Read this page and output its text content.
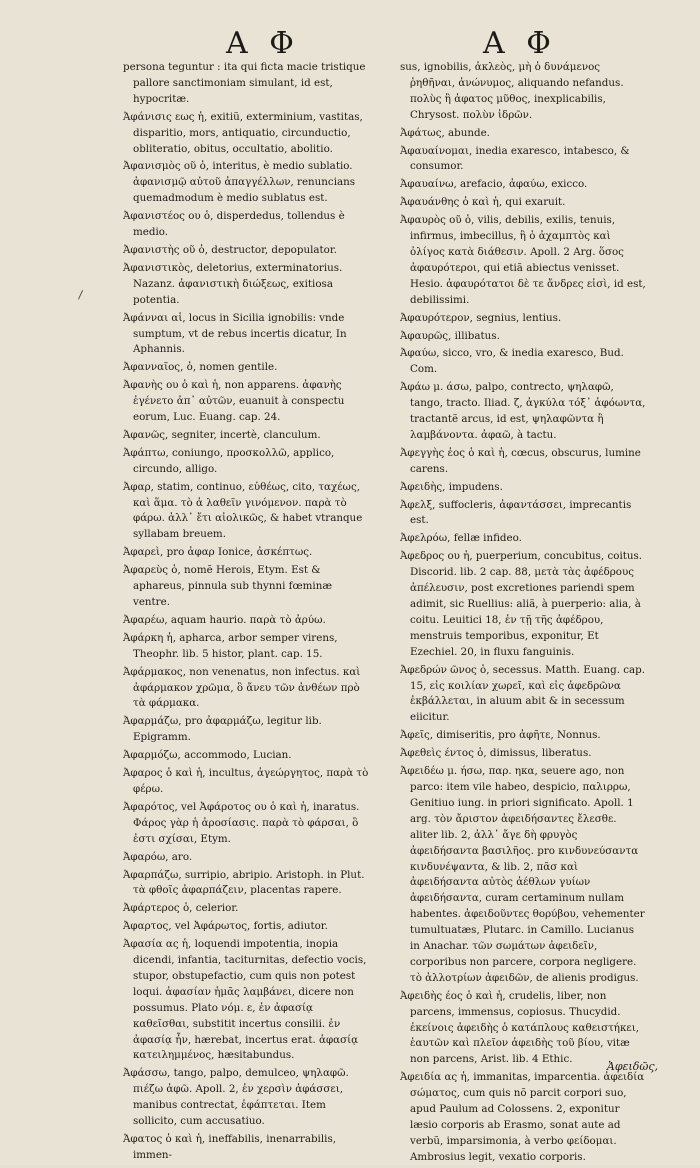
Α Φ	Α Φ

persona teguntur : ita qui ficta macie tristique pallore sanctimoniam simulant, id est, hypocritæ.

Ἀφάνισις εως ἡ, exitiũ, exterminium, vastitas, disparitio, mors, antiquatio, circunductio, obliteratio, obitus, occultatio, abolitio.

Ἀφανισμὸς οῦ ὁ, interitus, è medio sublatio. ἀφανισμῷ αὐτοῦ ἀπαγγέλλων, renuncians quemadmodum è medio sublatus est.

Ἀφανιστέος ου ὁ, disperdedus, tollendus è medio.

Ἀφανιστὴς οῦ ὁ, destructor, depopulator.

Ἀφανιστικὸς, deletorius, exterminatorius. Nazanz. ἀφανιστικὴ διώξεως, exitiosa potentia.

Ἀφάνναι αἱ, locus in Sicilia ignobilis: vnde sumptum, vt de rebus incertis dicatur, In Aphannis.

Ἀφανναῖος, ὁ, nomen gentile.

Ἀφανὴς ου ὁ καὶ ἡ, non apparens. ἀφανὴς ἐγένετο ἀπ᾽ αὐτῶν, euanuit à conspectu eorum, Luc. Euang. cap. 24.

Ἀφανῶς, segniter, incertè, clanculum.

Ἀφάπτω, coniungo, προσκολλῶ, applico, circundo, alligo.

Ἀφαρ, statim, continuo, εὐθέως, cito, ταχέως, καὶ ἅμα. τὸ ἀ λαθεῖν γινόμενον. παρὰ τὸ φάρω. ἀλλ᾽ ἔτι αἰολικῶς, & habet vtranque syllabam breuem.

Ἀφαρεὶ, pro ἀφαρ Ionice, ἀσκέπτως.

Ἀφαρεὺς ὁ, nomẽ Herois, Etym. Est & aphareus, pinnula sub thynni fœminæ ventre.

Ἀφαρέω, aquam haurio. παρὰ τὸ ἀρύω.

Ἀφάρκη ἡ, apharca, arbor semper virens, Theophr. lib. 5 histor, plant. cap. 15.

Ἀφάρμακος, non venenatus, non infectus. καὶ ἀφάρμακον χρῶμα, ὃ ἄνευ τῶν ἀνθέων πρὸ τὰ φάρμακα.

Ἀφαρμάζω, pro ἀφαρμάζω, legitur lib. Epigramm.

Ἀφαρμόζω, accommodo, Lucian.

Ἀφαρος ὁ καὶ ἡ, incultus, ἀγεώργητος, παρὰ τὸ φέρω.

Ἀφαρότος, vel Ἀφάροτος ου ὁ καὶ ἡ, inaratus. Φάρος γὰρ ἡ ἀροσίασις. παρὰ τὸ φάρσαι, ὃ ἐστι σχίσαι, Etym.

Ἀφαρόω, aro.

Ἀφαρπάζω, surripio, abripio. Aristoph. in Plut. τὰ φθοῖς ἀφαρπάζειν, placentas rapere.

Ἀφάρτερος ὁ, celerior.

Ἀφαρτος, vel Ἀφάρωτος, fortis, adiutor.

Ἀφασία ας ἡ, loquendi impotentia, inopia dicendi, infantia, taciturnitas, defectio vocis, stupor, obstupefactio, cum quis non potest loqui. ἀφασίαν ἡμᾶς λαμβάνει, dicere non possumus. Plato νόμ. ε, ἐν ἀφασίᾳ καθεῖσθαι, substitit incertus consilii. ἐν ἀφασίᾳ ἦν, hærebat, incertus erat. ἀφασίᾳ κατειλημμένος, hæsitabundus.

Ἀφάσσω, tango, palpo, demulceo, ψηλαφῶ. πιέζω ἀφῶ. Apoll. 2, ἐν χερσὶν ἀφάσσει, manibus contrectat, ἐφάπτεται. Item sollicito, cum accusatiuo.

Ἀφατος ὁ καὶ ἡ, ineffabilis, inenarrabilis, immen-

sus, ignobilis, ἀκλεὸς, μὴ ὁ δυνάμενος ῥηθῆναι, ἀνώνυμος, aliquando nefandus. πολὺς ἢ ἀφατος μῦθος, inexplicabilis, Chrysost. πολὺν ἰδρῶν.

Ἀφάτως, abunde.

Ἀφαυαίνομαι, inedia exaresco, intabesco, & consumor.

Ἀφαυαίνω, arefacio, ἀφαύω, exicco.

Ἀφαυάνθης ὁ καὶ ἡ, qui exaruit.

Ἀφαυρὸς οῦ ὁ, vilis, debilis, exilis, tenuis, infirmus, imbecillus, ἢ ὁ ἀχαμπτὸς καὶ ὀλίγος κατὰ διάθεσιν. Apoll. 2 Arg. ὅσος ἀφαυρότεροι, qui etiã abiectus venisset. Hesio. ἀφαυρότατοι δὲ τε ἄνδρες εἰσὶ, id est, debilissimi.

Ἀφαυρότερον, segnius, lentius.

Ἀφαυρῶς, illibatus.

Ἀφαύω, sicco, vro, & inedia exaresco, Bud. Com.

Ἀφάω μ. άσω, palpo, contrecto, ψηλαφῶ, tango, tracto. Iliad. ζ, ἀγκύλα τόξ᾽ ἀφόωντα, tractantẽ arcus, id est, ψηλαφῶντα ἢ λαμβάνοντα. ἀφαῶ, à tactu.

Ἀφεγγὴς ἐος ὁ καὶ ἡ, cœcus, obscurus, lumine carens.

Ἀφειδὴς, impudens.

Ἀφελξ, suffocleris, ἀφαντάσσει, imprecantis est.

Ἀφελρόω, fellæ infideo.

Ἀφεδρος ου ἡ, puerperium, concubitus, coitus. Discorid. lib. 2 cap. 88, μετὰ τὰς ἀφέδρους ἀπέλευσιν, post excretiones pariendi spem adimit, sic Ruellius: aliã, à puerperio: alia, à coitu. Leuitici 18, ἐν τῇ τῆς ἀφέδρου, menstruis temporibus, exponitur, Et Ezechiel. 20, in fluxu fanguinis.

Ἀφεδρών ῶνος ὁ, secessus. Matth. Euang. cap. 15, εἰς κοιλίαν χωρεῖ, καὶ εἰς ἀφεδρῶνα ἐκβάλλεται, in aluum abit & in secessum eiicitur.

Ἀφεῖς, dimiseritis, pro ἀφῆτε, Nonnus.

Ἀφεθεὶς έντος ὁ, dimissus, liberatus.

Ἀφειδέω μ. ήσω, παρ. ηκα, seuere ago, non parco: item vile habeo, despicio, παλιρρω, Genitiuo iung. in priori significato. Apoll. 1 arg. τὸν ἄριστον ἀφειδήσαντες ἔλεσθε. aliter lib. 2, ἀλλ᾽ ἄγε δὴ φρυγὸς ἀφειδήσαντα βασιλῆος. pro κινδυνεύσαντα κινδυνέψαντα, & lib. 2, πᾶσ καὶ ἀφειδήσαντα αὐτὸς ἀέθλων γυίων ἀφειδήσαντα, curam certaminum nullam habentes. ἀφειδοῦντες θορύβου, vehementer tumultuatæs, Plutarc. in Camillo. Lucianus in Anachar. τῶν σωμάτων ἀφειδεῖν, corporibus non parcere, corpora negligere. τὸ ἀλλοτρίων ἀφειδῶν, de alienis prodigus.

Ἀφειδὴς έος ὁ καὶ ἡ, crudelis, liber, non parcens, immensus, copiosus. Thucydid. ἐκείνοις ἀφειδὴς ὁ κατάπλους καθειστήκει, ἑαυτῶν καὶ πλεῖον ἀφειδὴς τοῦ βίου, vitæ non parcens, Arist. lib. 4 Ethic.

Ἀφειδία ας ἡ, immanitas, imparcentia. ἀφειδία σώματος, cum quis nõ parcit corpori suo, apud Paulum ad Colossens. 2, exponitur læsio corporis ab Erasmo, sonat aute ad verbũ, imparsimonia, à verbo φείδομαι. Ambrosius legit, vexatio corporis.

Ἀφειδῶς,
